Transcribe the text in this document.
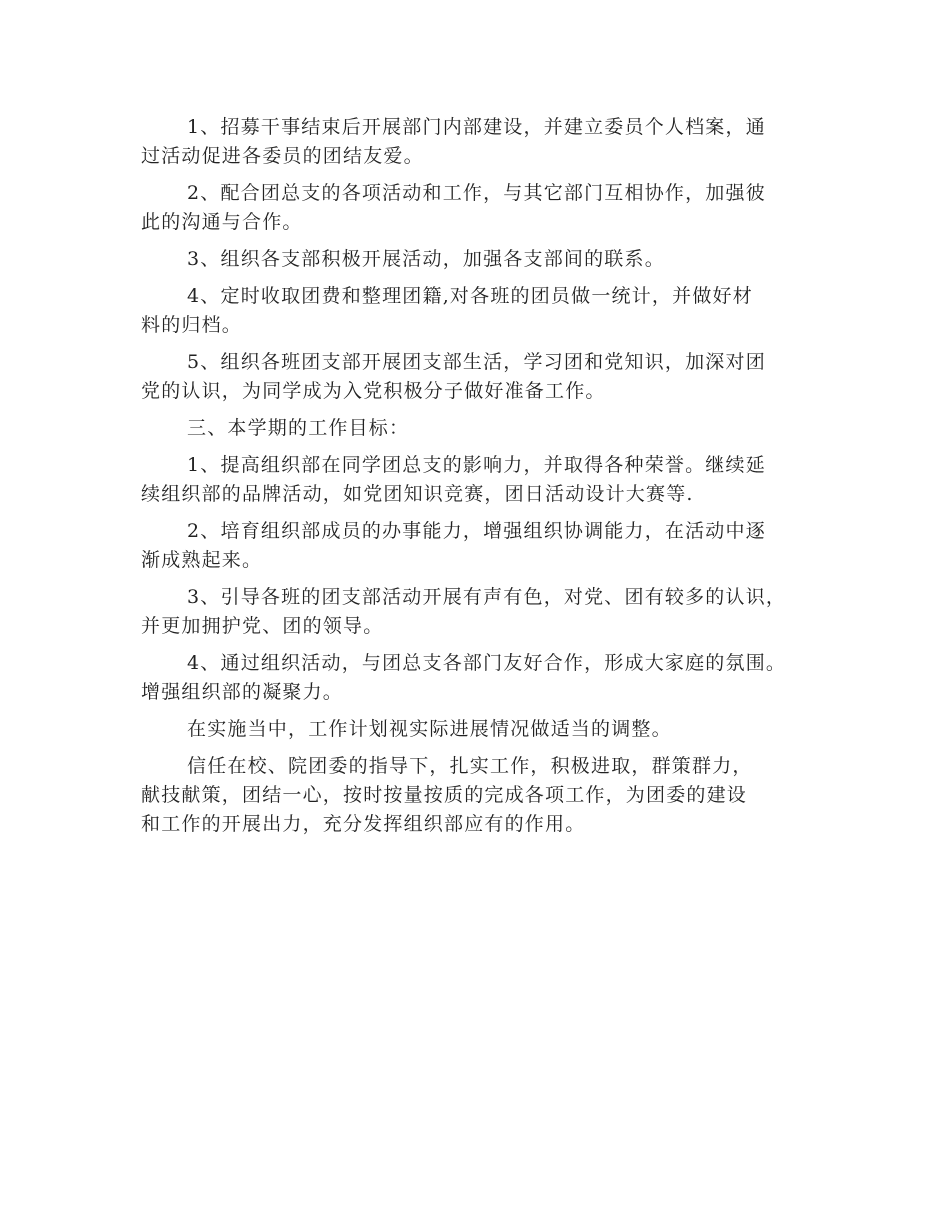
1、招募干事结束后开展部门内部建设，并建立委员个人档案，通
过活动促进各委员的团结友爱。

2、配合团总支的各项活动和工作，与其它部门互相协作，加强彼
此的沟通与合作。

3、组织各支部积极开展活动，加强各支部间的联系。

4、定时收取团费和整理团籍,对各班的团员做一统计，并做好材
料的归档。

5、组织各班团支部开展团支部生活，学习团和党知识，加深对团
党的认识，为同学成为入党积极分子做好准备工作。

三、本学期的工作目标：

1、提高组织部在同学团总支的影响力，并取得各种荣誉。继续延
续组织部的品牌活动，如党团知识竞赛，团日活动设计大赛等.

2、培育组织部成员的办事能力，增强组织协调能力，在活动中逐
渐成熟起来。

3、引导各班的团支部活动开展有声有色，对党、团有较多的认识，
并更加拥护党、团的领导。

4、通过组织活动，与团总支各部门友好合作，形成大家庭的氛围。
增强组织部的凝聚力。

在实施当中，工作计划视实际进展情况做适当的调整。

信任在校、院团委的指导下，扎实工作，积极进取，群策群力，
献技献策，团结一心，按时按量按质的完成各项工作，为团委的建设
和工作的开展出力，充分发挥组织部应有的作用。
